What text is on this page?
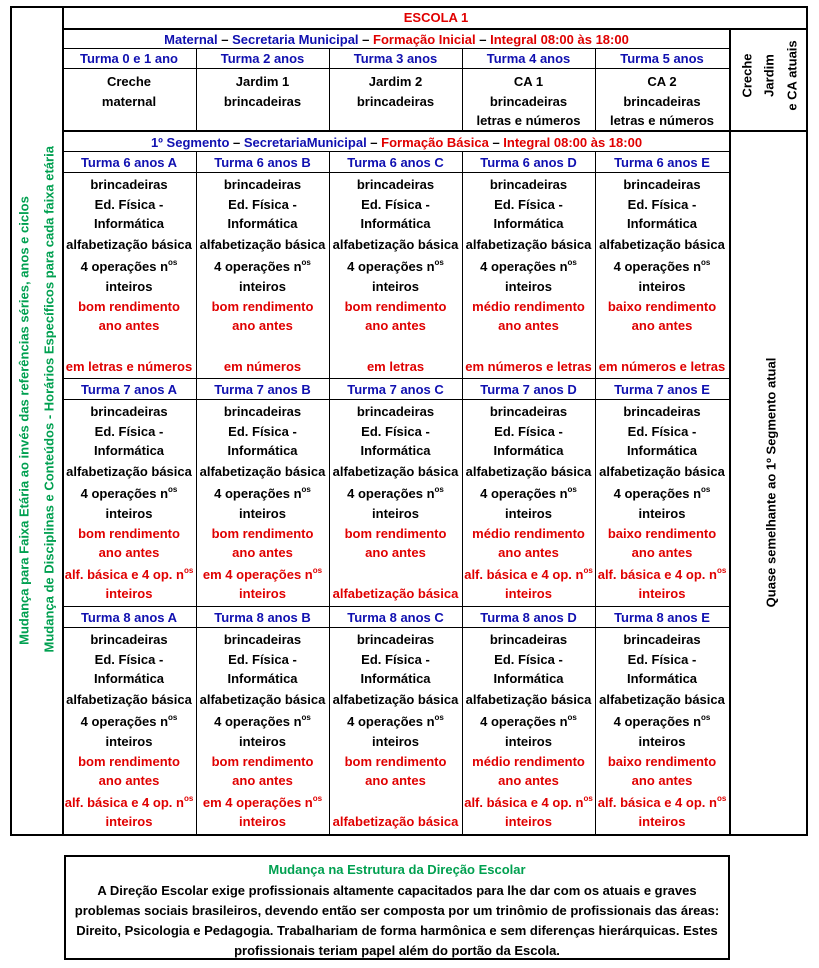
ESCOLA 1
Maternal – Secretaria Municipal – Formação Inicial – Integral 08:00 às 18:00
Turma 0 e 1 ano
Creche
maternal
Turma 2 anos
Jardim 1
brincadeiras
Turma 3 anos
Jardim 2
brincadeiras
Turma 4 anos
CA 1
brincadeiras
letras e números
Turma 5 anos
CA 2
brincadeiras
letras e números
Creche Jardim e CA atuais
Quase semelhante ao 1º Segmento atual
Mudança para Faixa Etária ao invés das referências séries, anos e ciclos Mudança de Disciplinas e Conteúdos - Horários Específicos para cada faixa etária
1º Segmento – SecretariaMunicipal – Formação Básica – Integral 08:00 às 18:00
Turma 6 anos A
brincadeiras
Ed. Física -
Informática
alfabetização básica
4 operações $n^{os}$
inteiros
bom rendimento
ano antes
em letras e números
Turma 6 anos B
brincadeiras
Ed. Física -
Informática
alfabetização básica
4 operações $n^{os}$
inteiros
bom rendimento
ano antes
em números
Turma 6 anos C
brincadeiras
Ed. Física -
Informática
alfabetização básica
4 operações $n^{os}$
inteiros
bom rendimento
ano antes
em letras
Turma 6 anos D
brincadeiras
Ed. Física -
Informática
alfabetização básica
4 operações $n^{os}$
inteiros
médio rendimento
ano antes
em números e letras
Turma 6 anos E
brincadeiras
Ed. Física -
Informática
alfabetização básica
4 operações $n^{os}$
inteiros
baixo rendimento
ano antes
em números e letras
Turma 7 anos A
brincadeiras
Ed. Física -
Informática
alfabetização básica
4 operações $n^{os}$
inteiros
bom rendimento
ano antes
alf. básica e 4 op. $n^{os}$
inteiros
Turma 7 anos B
brincadeiras
Ed. Física -
Informática
alfabetização básica
4 operações $n^{os}$
inteiros
bom rendimento
ano antes
em 4 operações $n^{os}$
inteiros
Turma 7 anos C
brincadeiras
Ed. Física -
Informática
alfabetização básica
4 operações $n^{os}$
inteiros
bom rendimento
ano antes
alfabetização básica
Turma 7 anos D
brincadeiras
Ed. Física -
Informática
alfabetização básica
4 operações $n^{os}$
inteiros
médio rendimento
ano antes
alf. básica e 4 op. $n^{os}$
inteiros
Turma 7 anos E
brincadeiras
Ed. Física -
Informática
alfabetização básica
4 operações $n^{os}$
inteiros
baixo rendimento
ano antes
alf. básica e 4 op. $n^{os}$
inteiros
Turma 8 anos A
brincadeiras
Ed. Física -
Informática
alfabetização básica
4 operações $n^{os}$
inteiros
bom rendimento
ano antes
alf. básica e 4 op. $n^{os}$
inteiros
Turma 8 anos B
brincadeiras
Ed. Física -
Informática
alfabetização básica
4 operações $n^{os}$
inteiros
bom rendimento
ano antes
em 4 operações $n^{os}$
inteiros
Turma 8 anos C
brincadeiras
Ed. Física -
Informática
alfabetização básica
4 operações $n^{os}$
inteiros
bom rendimento
ano antes
alfabetização básica
Turma 8 anos D
brincadeiras
Ed. Física -
Informática
alfabetização básica
4 operações $n^{os}$
inteiros
médio rendimento
ano antes
alf. básica e 4 op. $n^{os}$
inteiros
Turma 8 anos E
brincadeiras
Ed. Física -
Informática
alfabetização básica
4 operações $n^{os}$
inteiros
baixo rendimento
ano antes
alf. básica e 4 op. $n^{os}$
inteiros
Mudança na Estrutura da Direção Escolar
A Direção Escolar exige profissionais altamente capacitados para lhe dar com os atuais e graves problemas sociais brasileiros, devendo então ser composta por um trinômio de profissionais das áreas: Direito, Psicologia e Pedagogia. Trabalhariam de forma harmônica e sem diferenças hierárquicas. Estes profissionais teriam papel além do portão da Escola.
